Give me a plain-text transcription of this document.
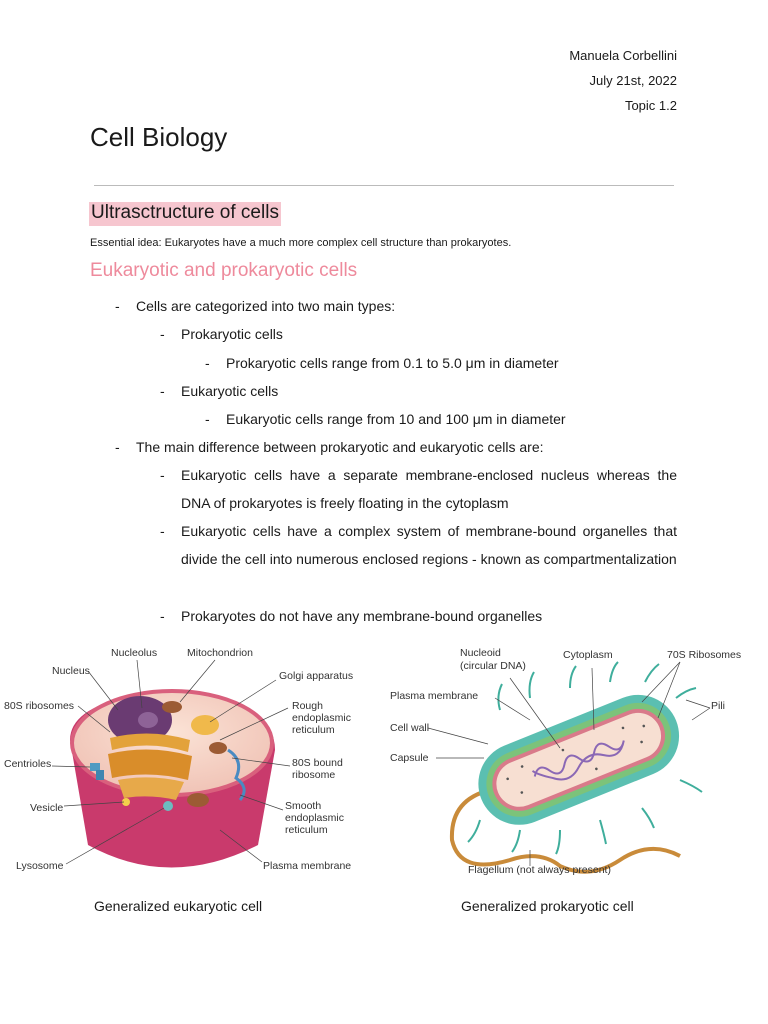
Manuela Corbellini
July 21st, 2022
Topic 1.2
Cell Biology
Ultrasctructure of cells
Essential idea: Eukaryotes have a much more complex cell structure than prokaryotes.
Eukaryotic and prokaryotic cells
-	Cells are categorized into two main types:
-	Prokaryotic cells
-	Prokaryotic cells range from 0.1 to 5.0 μm in diameter
-	Eukaryotic cells
-	Eukaryotic cells range from 10 and 100 μm in diameter
-	The main difference between prokaryotic and eukaryotic cells are:
-	Eukaryotic cells have a separate membrane-enclosed nucleus whereas the DNA of prokaryotes is freely floating in the cytoplasm
-	Eukaryotic cells have a complex system of membrane-bound organelles that divide the cell into numerous enclosed regions - known as compartmentalization
-	Prokaryotes do not have any membrane-bound organelles
Nucleolus	Mitochondrion
Nucleus	Golgi apparatus
80S ribosomes	Rough endoplasmic reticulum
Centrioles	80S bound ribosome
Vesicle	Smooth endoplasmic reticulum
Lysosome	Plasma membrane
Nucleoid (circular DNA)
Cytoplasm	70S Ribosomes
Plasma membrane
Pili
Cell wall
Capsule
Flagellum (not always present)
Generalized eukaryotic cell	Generalized prokaryotic cell
